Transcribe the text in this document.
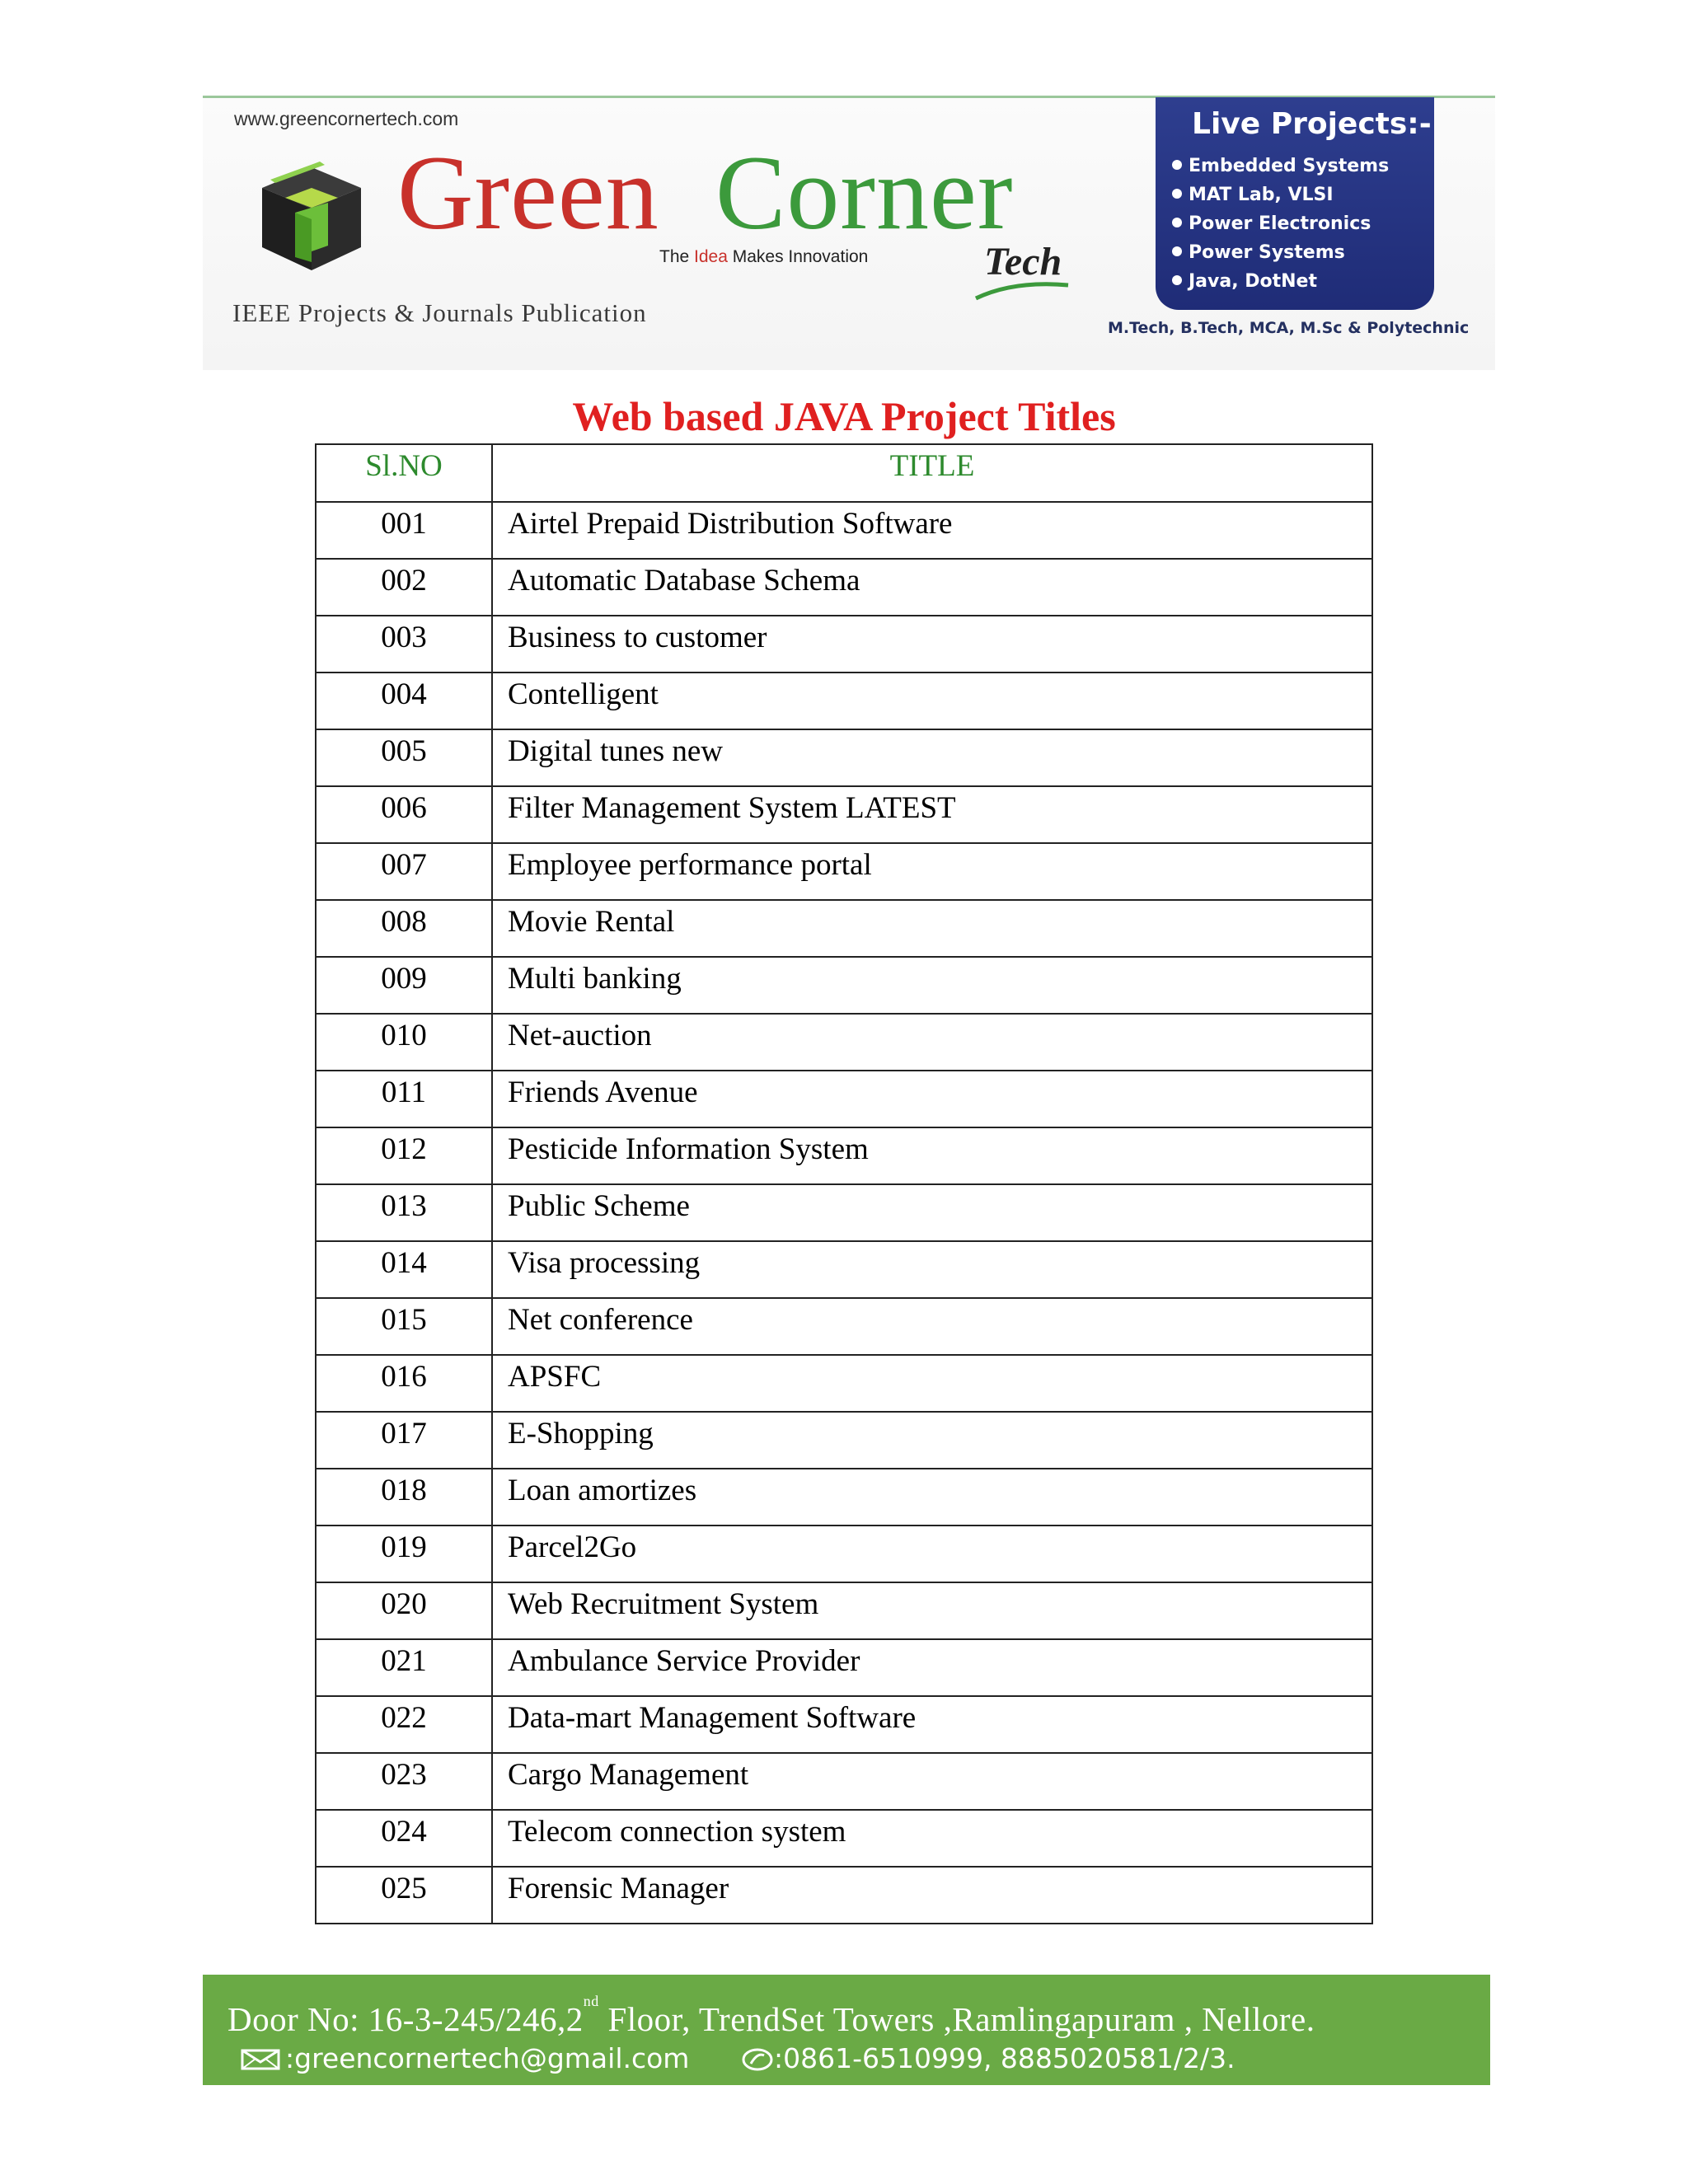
www.greencornertech.com
Green Corner
The Idea Makes Innovation	Tech
IEEE Projects & Journals Publication
Live Projects:-
Embedded Systems
MAT Lab, VLSI
Power Electronics
Power Systems
Java, DotNet
M.Tech, B.Tech, MCA, M.Sc & Polytechnic
Web based JAVA Project Titles
Sl.NO	TITLE
001	Airtel Prepaid Distribution Software
002	Automatic Database Schema
003	Business to customer
004	Contelligent
005	Digital tunes new
006	Filter Management System LATEST
007	Employee performance portal
008	Movie Rental
009	Multi banking
010	Net-auction
011	Friends Avenue
012	Pesticide Information System
013	Public Scheme
014	Visa processing
015	Net conference
016	APSFC
017	E-Shopping
018	Loan amortizes
019	Parcel2Go
020	Web Recruitment System
021	Ambulance Service Provider
022	Data-mart Management Software
023	Cargo Management
024	Telecom connection system
025	Forensic Manager
Door No: 16-3-245/246,2nd Floor, TrendSet Towers ,Ramlingapuram , Nellore.
:greencornertech@gmail.com	:0861-6510999, 8885020581/2/3.
